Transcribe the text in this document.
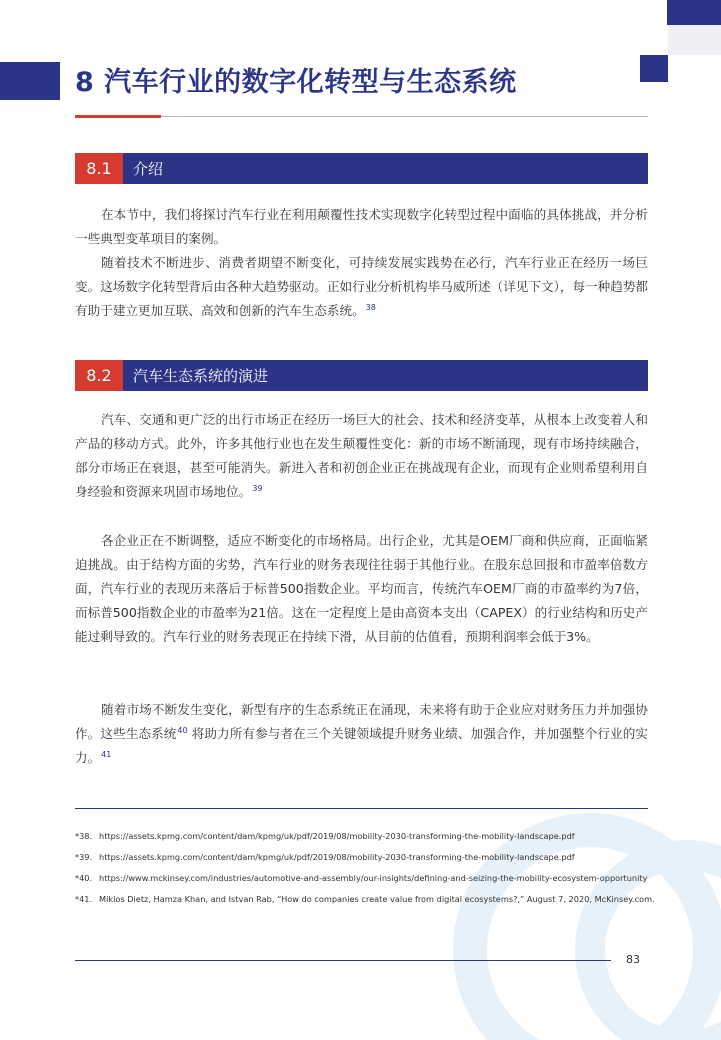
8 汽车行业的数字化转型与生态系统
8.1	介绍

在本节中，我们将探讨汽车行业在利用颠覆性技术实现数字化转型过程中面临的具体挑战，并分析一些典型变革项目的案例。

随着技术不断进步、消费者期望不断变化，可持续发展实践势在必行，汽车行业正在经历一场巨变。这场数字化转型背后由各种大趋势驱动。正如行业分析机构毕马威所述（详见下文），每一种趋势都有助于建立更加互联、高效和创新的汽车生态系统。$^{38}$

8.2	汽车生态系统的演进

汽车、交通和更广泛的出行市场正在经历一场巨大的社会、技术和经济变革，从根本上改变着人和产品的移动方式。此外，许多其他行业也在发生颠覆性变化：新的市场不断涌现，现有市场持续融合，部分市场正在衰退，甚至可能消失。新进入者和初创企业正在挑战现有企业，而现有企业则希望利用自身经验和资源来巩固市场地位。$^{39}$

各企业正在不断调整，适应不断变化的市场格局。出行企业，尤其是OEM厂商和供应商，正面临紧迫挑战。由于结构方面的劣势，汽车行业的财务表现往往弱于其他行业。在股东总回报和市盈率倍数方面，汽车行业的表现历来落后于标普500指数企业。平均而言，传统汽车OEM厂商的市盈率约为7倍，而标普500指数企业的市盈率为21倍。这在一定程度上是由高资本支出（CAPEX）的行业结构和历史产能过剩导致的。汽车行业的财务表现正在持续下滑，从目前的估值看，预期利润率会低于3%。

随着市场不断发生变化，新型有序的生态系统正在涌现，未来将有助于企业应对财务压力并加强协作。这些生态系统$^{40}$ 将助力所有参与者在三个关键领域提升财务业绩、加强合作，并加强整个行业的实力。$^{41}$

*38. https://assets.kpmg.com/content/dam/kpmg/uk/pdf/2019/08/mobility-2030-transforming-the-mobility-landscape.pdf
*39. https://assets.kpmg.com/content/dam/kpmg/uk/pdf/2019/08/mobility-2030-transforming-the-mobility-landscape.pdf
*40. https://www.mckinsey.com/industries/automotive-and-assembly/our-insights/defining-and-seizing-the-mobility-ecosystem-opportunity
*41. Miklos Dietz, Hamza Khan, and Istvan Rab, “How do companies create value from digital ecosystems?,” August 7, 2020, McKinsey.com.
83
